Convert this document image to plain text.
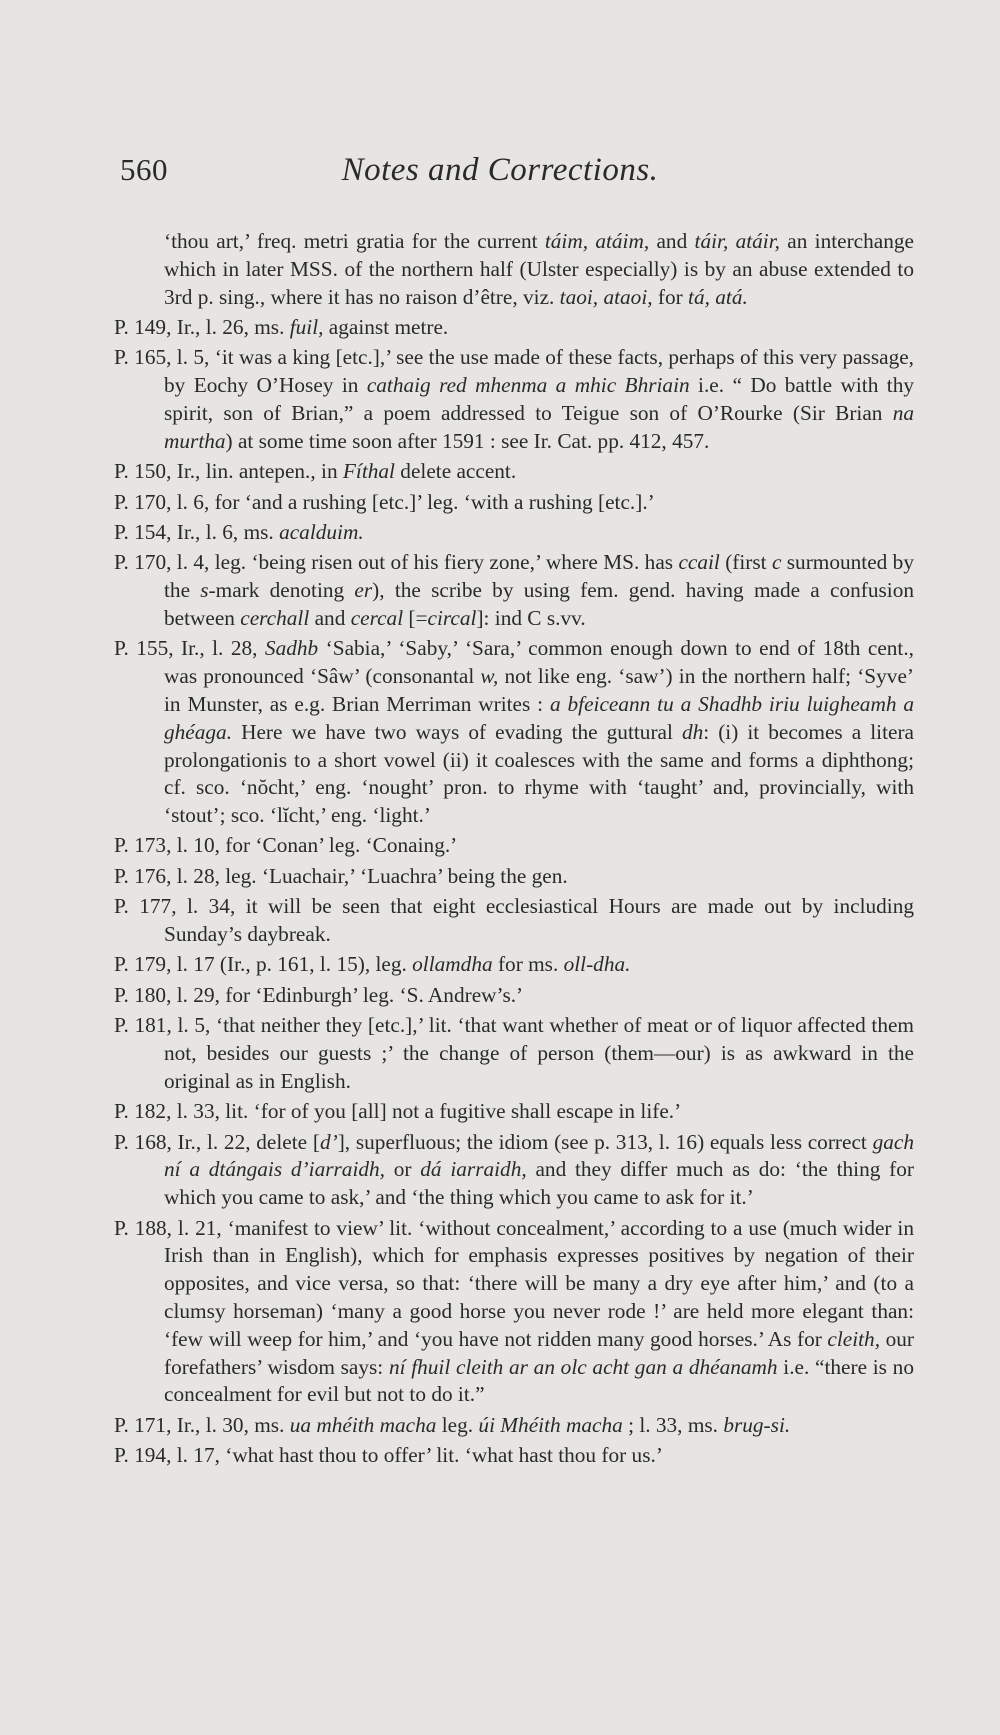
560	Notes and Corrections.

‘thou art,’ freq. metri gratia for the current táim, atáim, and táir, atáir, an interchange which in later MSS. of the northern half (Ulster especially) is by an abuse extended to 3rd p. sing., where it has no raison d’être, viz. taoi, ataoi, for tá, atá.

P. 149, Ir., l. 26, ms. fuil, against metre.

P. 165, l. 5, ‘it was a king [etc.],’ see the use made of these facts, perhaps of this very passage, by Eochy O’Hosey in cathaig red mhenma a mhic Bhriain i.e. “ Do battle with thy spirit, son of Brian,” a poem addressed to Teigue son of O’Rourke (Sir Brian na murtha) at some time soon after 1591 : see Ir. Cat. pp. 412, 457.

P. 150, Ir., lin. antepen., in Fíthal delete accent.

P. 170, l. 6, for ‘and a rushing [etc.]’ leg. ‘with a rushing [etc.].’

P. 154, Ir., l. 6, ms. acalduim.

P. 170, l. 4, leg. ‘being risen out of his fiery zone,’ where MS. has ccail (first c surmounted by the s-mark denoting er), the scribe by using fem. gend. having made a confusion between cerchall and cercal [=circal]: ind C s.vv.

P. 155, Ir., l. 28, Sadhb ‘Sabia,’ ‘Saby,’ ‘Sara,’ common enough down to end of 18th cent., was pronounced ‘Sâw’ (consonantal w, not like eng. ‘saw’) in the northern half; ‘Syve’ in Munster, as e.g. Brian Merriman writes : a bfeiceann tu a Shadhb iriu luigheamh a ghéaga. Here we have two ways of evading the guttural dh: (i) it becomes a litera prolongationis to a short vowel (ii) it coalesces with the same and forms a diphthong; cf. sco. ‘nŏcht,’ eng. ‘nought’ pron. to rhyme with ‘taught’ and, provincially, with ‘stout’; sco. ‘lĭcht,’ eng. ‘light.’

P. 173, l. 10, for ‘Conan’ leg. ‘Conaing.’

P. 176, l. 28, leg. ‘Luachair,’ ‘Luachra’ being the gen.

P. 177, l. 34, it will be seen that eight ecclesiastical Hours are made out by including Sunday’s daybreak.

P. 179, l. 17 (Ir., p. 161, l. 15), leg. ollamdha for ms. oll-dha.

P. 180, l. 29, for ‘Edinburgh’ leg. ‘S. Andrew’s.’

P. 181, l. 5, ‘that neither they [etc.],’ lit. ‘that want whether of meat or of liquor affected them not, besides our guests ;’ the change of person (them—our) is as awkward in the original as in English.

P. 182, l. 33, lit. ‘for of you [all] not a fugitive shall escape in life.’

P. 168, Ir., l. 22, delete [d’], superfluous; the idiom (see p. 313, l. 16) equals less correct gach ní a dtángais d’iarraidh, or dá iarraidh, and they differ much as do: ‘the thing for which you came to ask,’ and ‘the thing which you came to ask for it.’

P. 188, l. 21, ‘manifest to view’ lit. ‘without concealment,’ according to a use (much wider in Irish than in English), which for emphasis expresses positives by negation of their opposites, and vice versa, so that: ‘there will be many a dry eye after him,’ and (to a clumsy horseman) ‘many a good horse you never rode !’ are held more elegant than: ‘few will weep for him,’ and ‘you have not ridden many good horses.’ As for cleith, our forefathers’ wisdom says: ní fhuil cleith ar an olc acht gan a dhéanamh i.e. “there is no concealment for evil but not to do it.”

P. 171, Ir., l. 30, ms. ua mhéith macha leg. úi Mhéith macha ; l. 33, ms. brug-si.

P. 194, l. 17, ‘what hast thou to offer’ lit. ‘what hast thou for us.’
